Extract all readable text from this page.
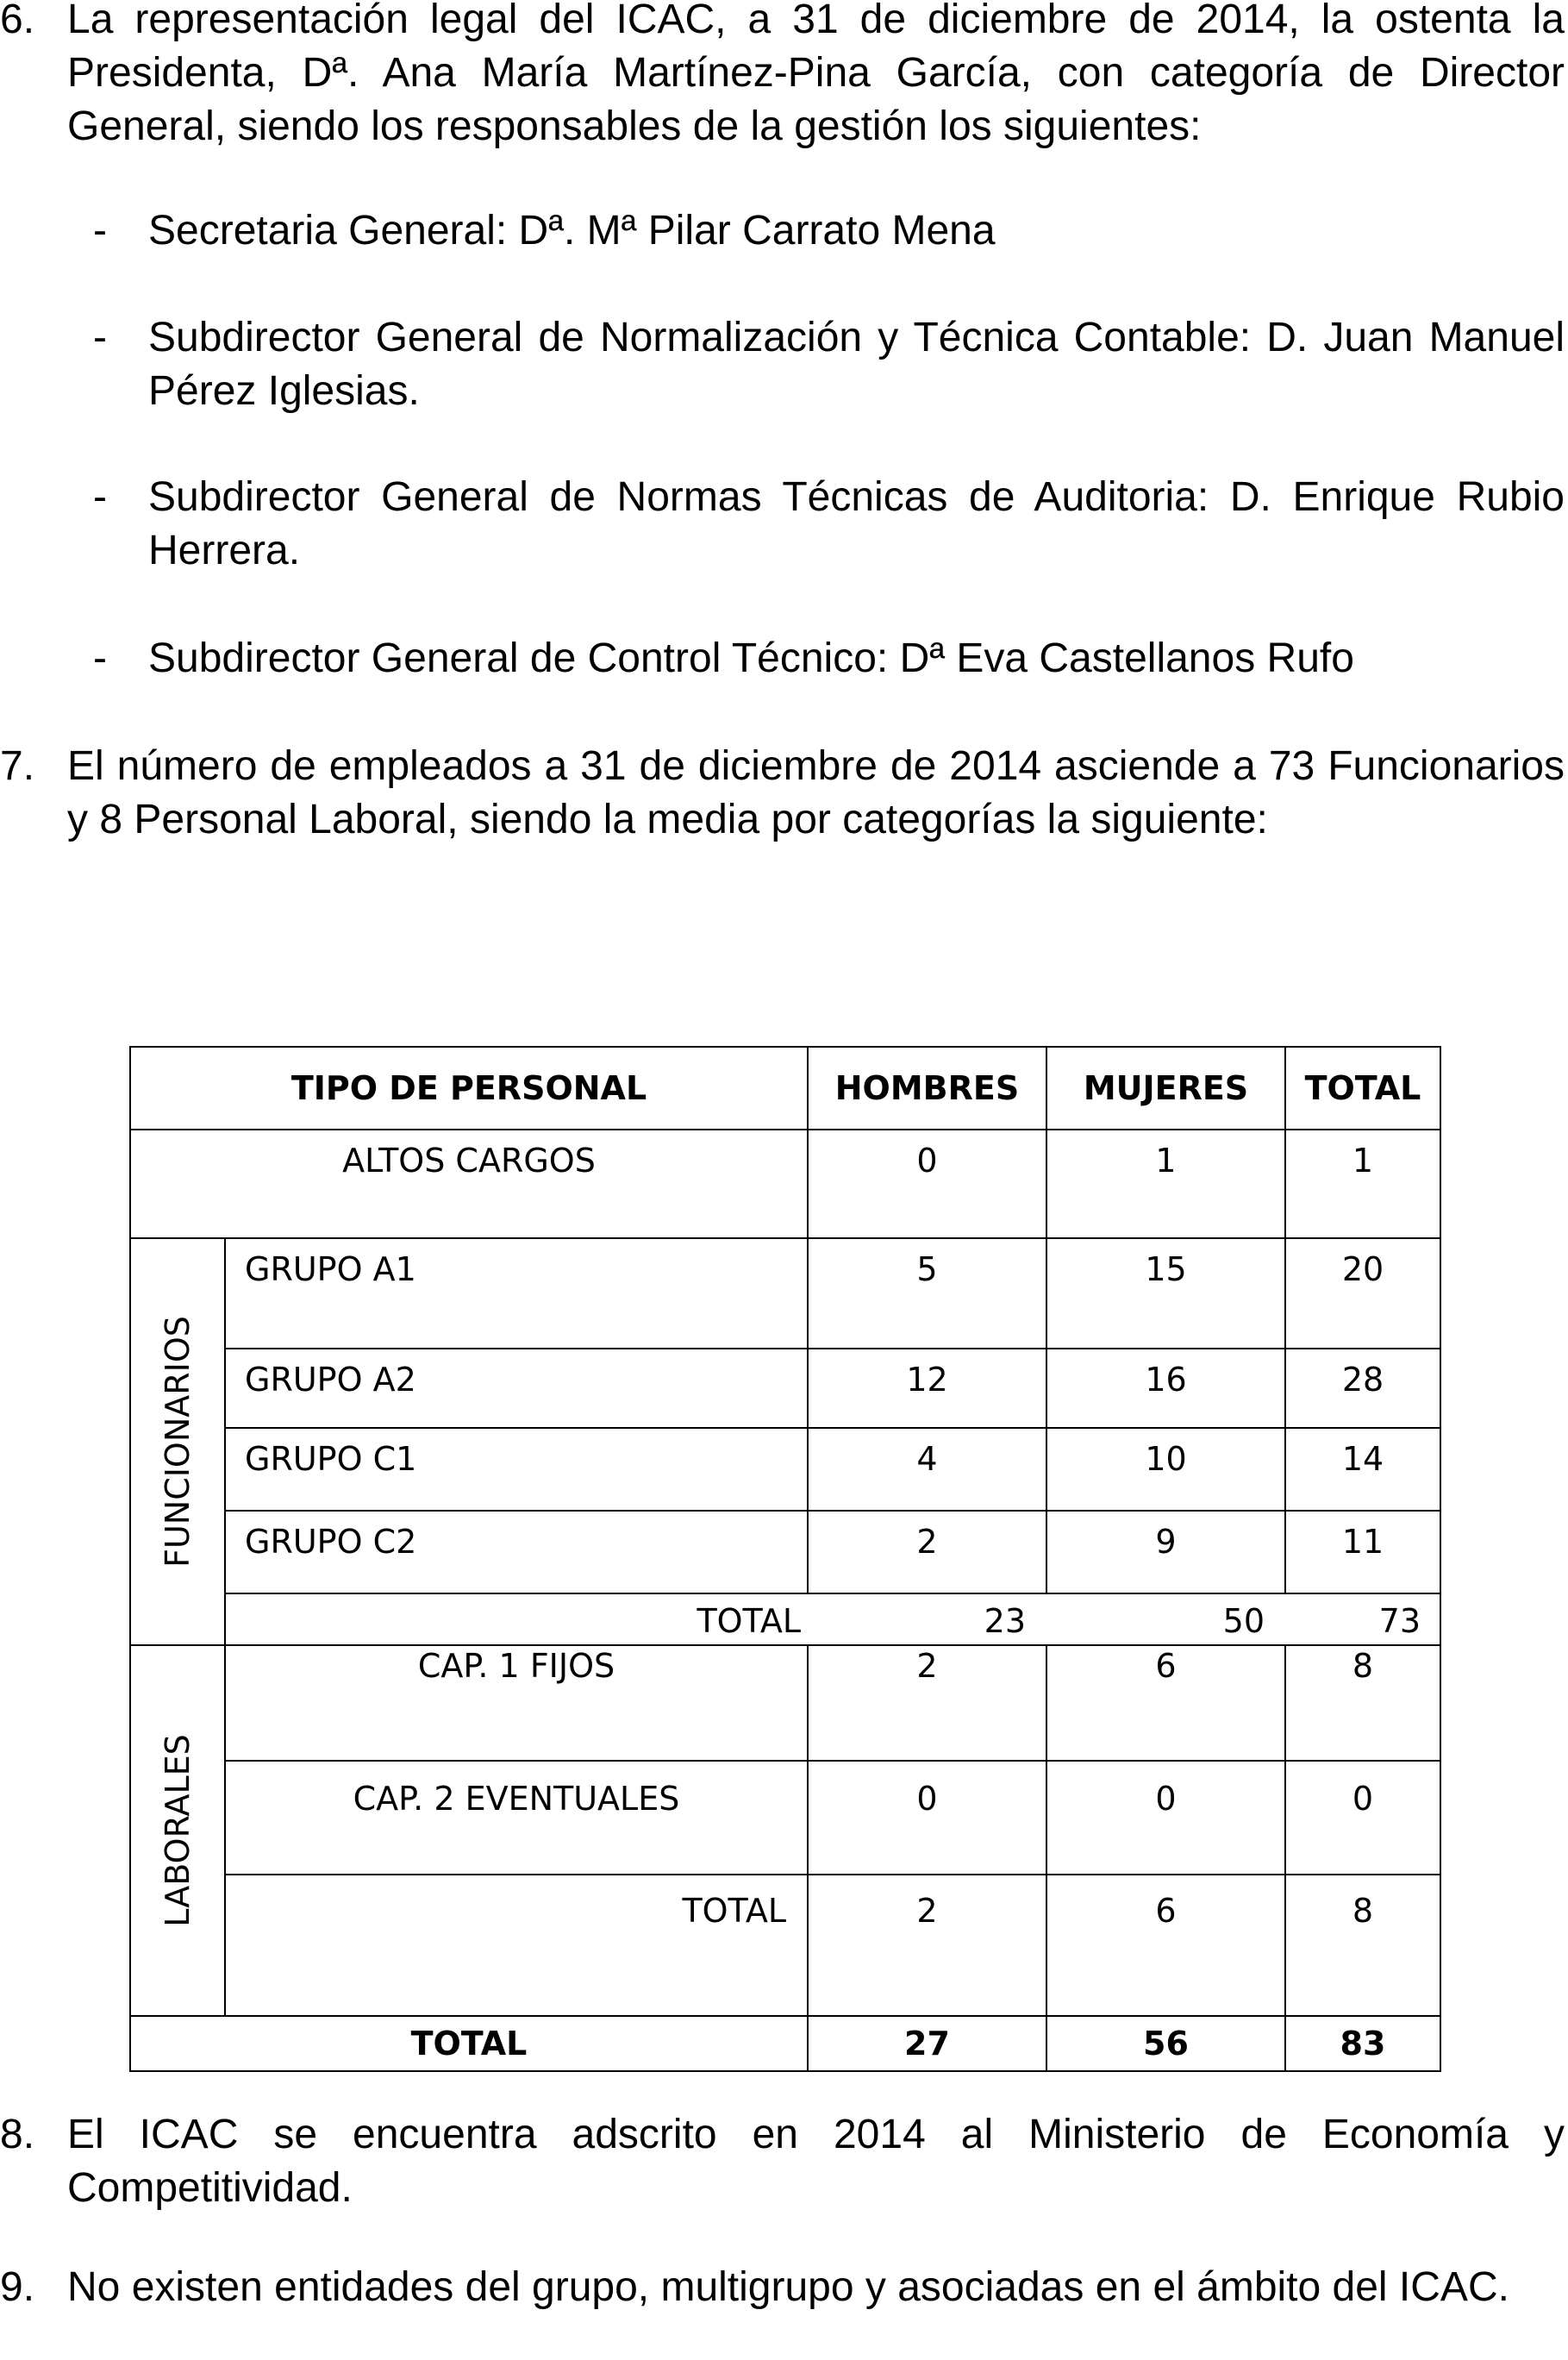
6. La representación legal del ICAC, a 31 de diciembre de 2014, la ostenta la Presidenta, Dª. Ana María Martínez-Pina García, con categoría de Director General, siendo los responsables de la gestión los siguientes:
- Secretaria General: Dª. Mª Pilar Carrato Mena
- Subdirector General de Normalización y Técnica Contable: D. Juan Manuel Pérez Iglesias.
- Subdirector General de Normas Técnicas de Auditoria: D. Enrique Rubio Herrera.
- Subdirector General de Control Técnico: Dª Eva Castellanos Rufo
7. El número de empleados a 31 de diciembre de 2014 asciende a 73 Funcionarios y 8 Personal Laboral, siendo la media por categorías la siguiente:
TIPO DE PERSONAL	HOMBRES	MUJERES	TOTAL
ALTOS CARGOS	0	1	1
FUNCIONARIOS
GRUPO A1	5	15	20
GRUPO A2	12	16	28
GRUPO C1	4	10	14
GRUPO C2	2	9	11
TOTAL	23	50	73
LABORALES
CAP. 1 FIJOS	2	6	8
CAP. 2 EVENTUALES	0	0	0
TOTAL	2	6	8
TOTAL	27	56	83
8. El ICAC se encuentra adscrito en 2014 al Ministerio de Economía y Competitividad.
9. No existen entidades del grupo, multigrupo y asociadas en el ámbito del ICAC.
